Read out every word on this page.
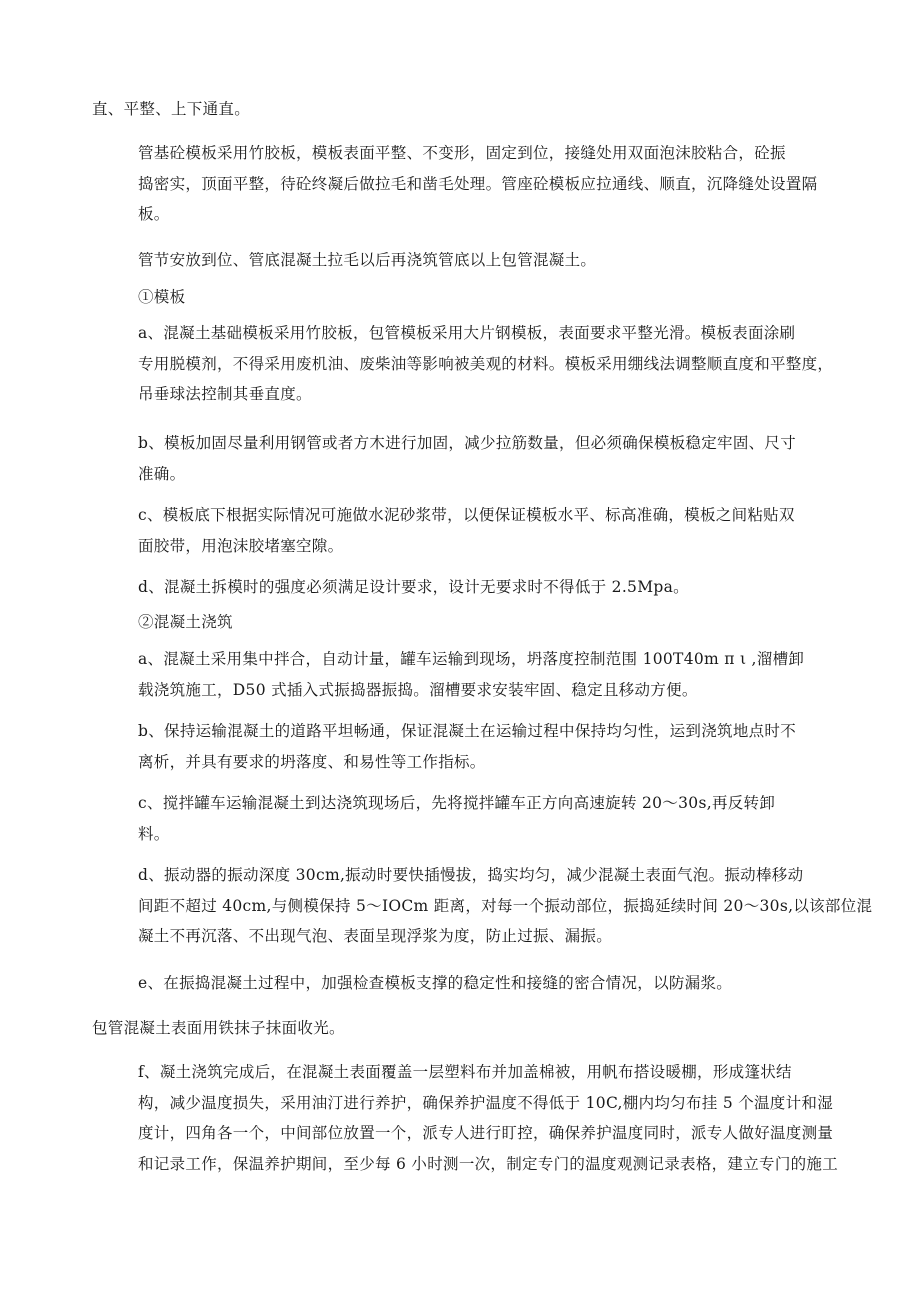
直、平整、上下通直。

管基砼模板采用竹胶板，模板表面平整、不变形，固定到位，接缝处用双面泡沫胶粘合，砼振
捣密实，顶面平整，待砼终凝后做拉毛和凿毛处理。管座砼模板应拉通线、顺直，沉降缝处设置隔
板。

管节安放到位、管底混凝土拉毛以后再浇筑管底以上包管混凝土。

①模板

a、混凝土基础模板采用竹胶板，包管模板采用大片钢模板，表面要求平整光滑。模板表面涂刷
专用脱模剂，不得采用废机油、废柴油等影响被美观的材料。模板采用绷线法调整顺直度和平整度，
吊垂球法控制其垂直度。

b、模板加固尽量利用钢管或者方木进行加固，减少拉筋数量，但必须确保模板稳定牢固、尺寸
准确。

c、模板底下根据实际情况可施做水泥砂浆带，以便保证模板水平、标高准确，模板之间粘贴双
面胶带，用泡沫胶堵塞空隙。

d、混凝土拆模时的强度必须满足设计要求，设计无要求时不得低于 2.5Mpa。

②混凝土浇筑

a、混凝土采用集中拌合，自动计量，罐车运输到现场，坍落度控制范围 100T40m π ι ,溜槽卸
载浇筑施工，D50 式插入式振捣器振捣。溜槽要求安装牢固、稳定且移动方便。

b、保持运输混凝土的道路平坦畅通，保证混凝土在运输过程中保持均匀性，运到浇筑地点时不
离析，并具有要求的坍落度、和易性等工作指标。

c、搅拌罐车运输混凝土到达浇筑现场后，先将搅拌罐车正方向高速旋转 20～30s,再反转卸
料。

d、振动器的振动深度 30cm,振动时要快插慢拔，捣实均匀，减少混凝土表面气泡。振动棒移动
间距不超过 40cm,与侧模保持 5～IOCm 距离，对每一个振动部位，振捣延续时间 20～30s,以该部位混
凝土不再沉落、不出现气泡、表面呈现浮浆为度，防止过振、漏振。

e、在振捣混凝土过程中，加强检查模板支撑的稳定性和接缝的密合情况，以防漏浆。

包管混凝土表面用铁抹子抹面收光。

f、凝土浇筑完成后，在混凝土表面覆盖一层塑料布并加盖棉被，用帆布搭设暖棚，形成篷状结
构，减少温度损失，采用油汀进行养护，确保养护温度不得低于 10C,棚内均匀布挂 5 个温度计和湿
度计，四角各一个，中间部位放置一个，派专人进行盯控，确保养护温度同时，派专人做好温度测量
和记录工作，保温养护期间，至少每 6 小时测一次，制定专门的温度观测记录表格，建立专门的施工
